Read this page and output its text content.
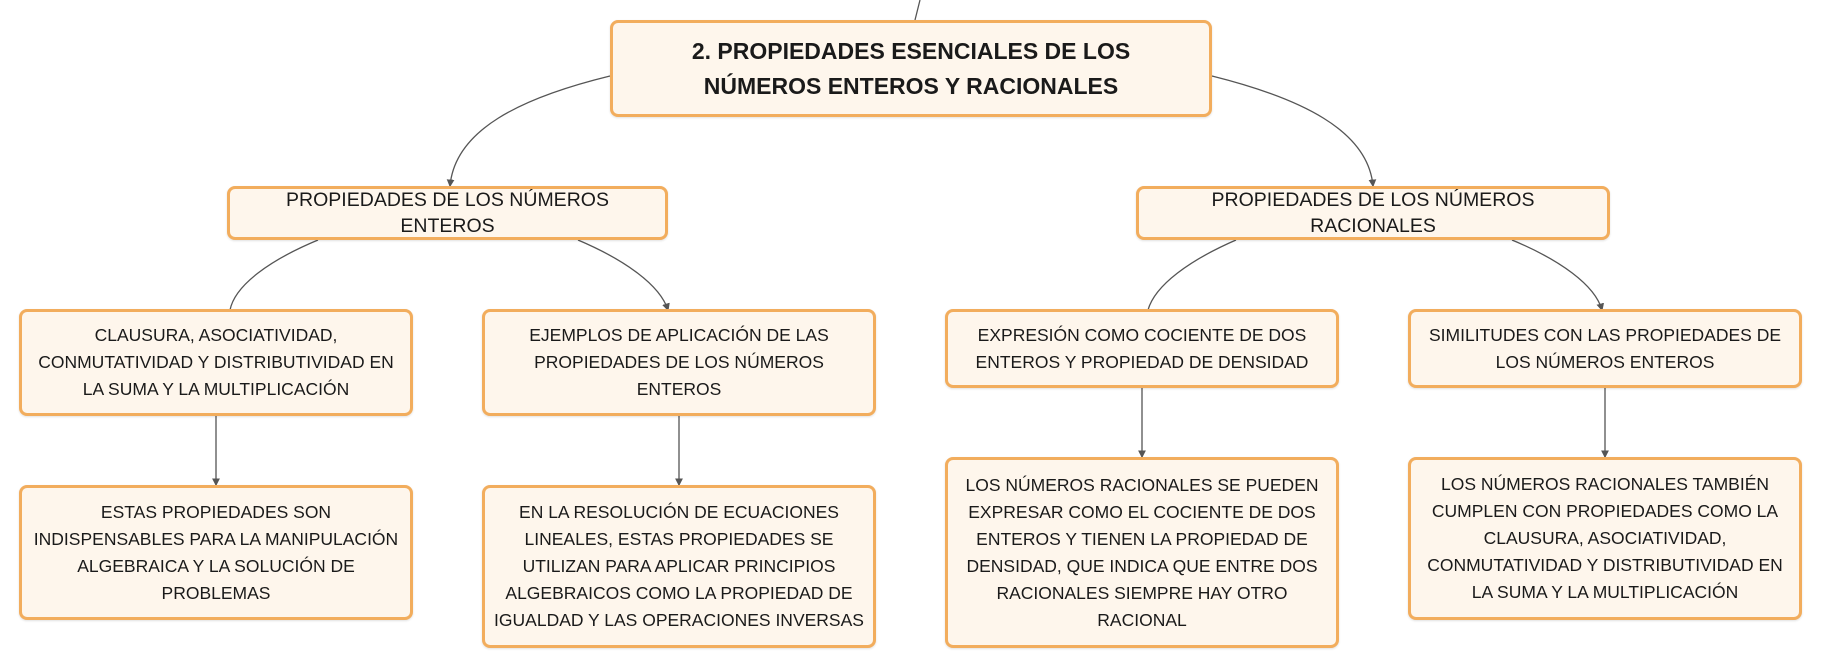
2. PROPIEDADES ESENCIALES DE LOS NÚMEROS ENTEROS Y RACIONALES
PROPIEDADES DE LOS NÚMEROS ENTEROS
PROPIEDADES DE LOS NÚMEROS RACIONALES
CLAUSURA, ASOCIATIVIDAD, CONMUTATIVIDAD Y DISTRIBUTIVIDAD EN LA SUMA Y LA MULTIPLICACIÓN
EJEMPLOS DE APLICACIÓN DE LAS PROPIEDADES DE LOS NÚMEROS ENTEROS
EXPRESIÓN COMO COCIENTE DE DOS ENTEROS Y PROPIEDAD DE DENSIDAD
SIMILITUDES CON LAS PROPIEDADES DE LOS NÚMEROS ENTEROS
ESTAS PROPIEDADES SON INDISPENSABLES PARA LA MANIPULACIÓN ALGEBRAICA Y LA SOLUCIÓN DE PROBLEMAS
EN LA RESOLUCIÓN DE ECUACIONES LINEALES, ESTAS PROPIEDADES SE UTILIZAN PARA APLICAR PRINCIPIOS ALGEBRAICOS COMO LA PROPIEDAD DE IGUALDAD Y LAS OPERACIONES INVERSAS
LOS NÚMEROS RACIONALES SE PUEDEN EXPRESAR COMO EL COCIENTE DE DOS ENTEROS Y TIENEN LA PROPIEDAD DE DENSIDAD, QUE INDICA QUE ENTRE DOS RACIONALES SIEMPRE HAY OTRO RACIONAL
LOS NÚMEROS RACIONALES TAMBIÉN CUMPLEN CON PROPIEDADES COMO LA CLAUSURA, ASOCIATIVIDAD, CONMUTATIVIDAD Y DISTRIBUTIVIDAD EN LA SUMA Y LA MULTIPLICACIÓN
